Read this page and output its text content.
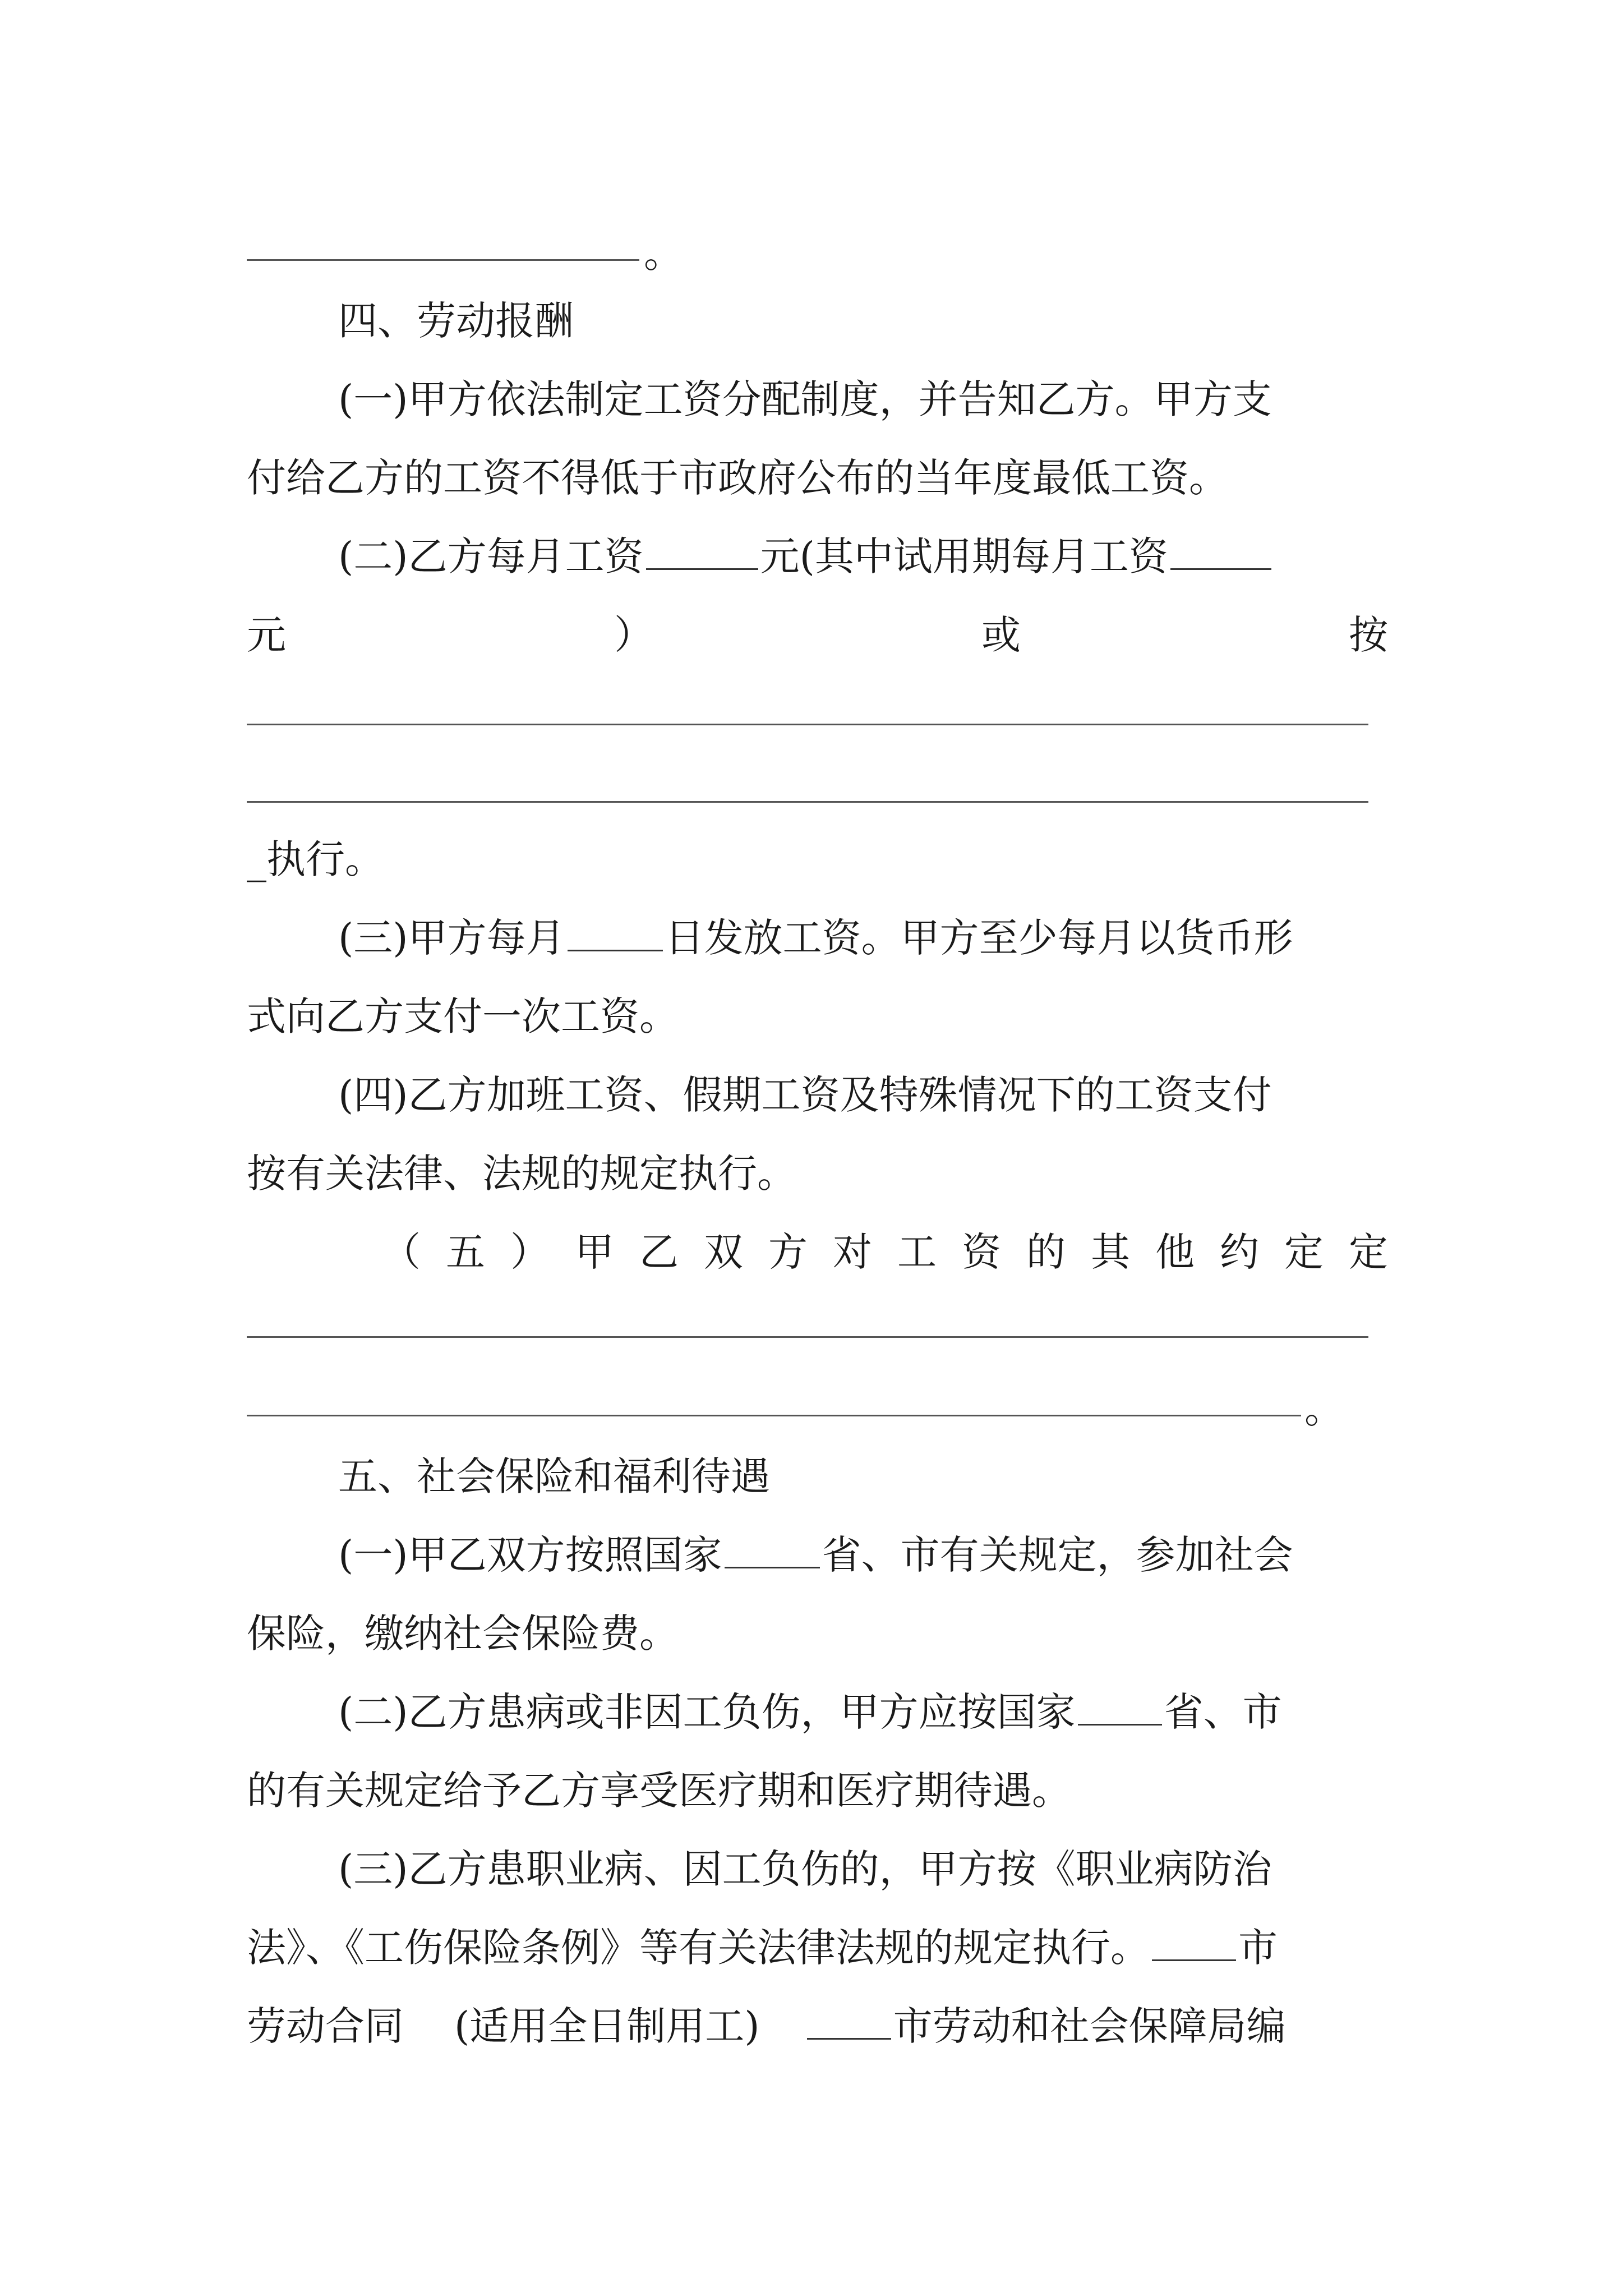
。
四、劳动报酬
(一)甲方依法制定工资分配制度，并告知乙方。甲方支
付给乙方的工资不得低于市政府公布的当年度最低工资。
(二)乙方每月工资	元(其中试用期每月工资
元	）	或	按
_执行。
(三)甲方每月	日发放工资。甲方至少每月以货币形
式向乙方支付一次工资。
(四)乙方加班工资、假期工资及特殊情况下的工资支付
按有关法律、法规的规定执行。
（ 五 ） 甲 乙 双 方 对 工 资 的 其 他 约 定 定
。
五、社会保险和福利待遇
(一)甲乙双方按照国家	省、市有关规定，参加社会
保险，缴纳社会保险费。
(二)乙方患病或非因工负伤，甲方应按国家 省、市
的有关规定给予乙方享受医疗期和医疗期待遇。
(三)乙方患职业病、因工负伤的，甲方按《职业病防治
法》、《工伤保险条例》等有关法律法规的规定执行。 市
劳动合同 (适用全日制用工)	市劳动和社会保障局编
